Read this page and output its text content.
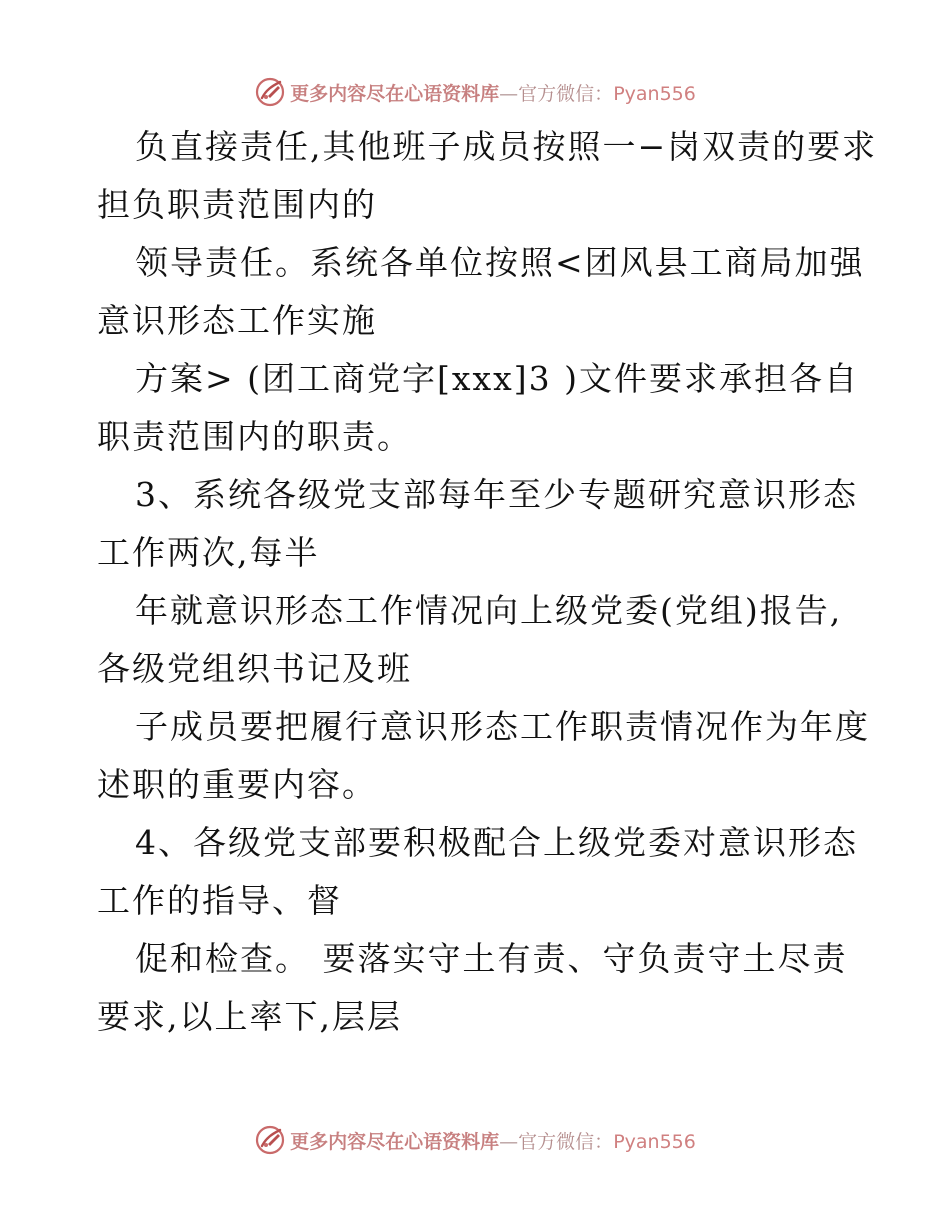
更多内容尽在心语资料库—官方微信：Pyan556
负直接责任,其他班子成员按照一−岗双责的要求
担负职责范围内的
领导责任。系统各单位按照<团风县工商局加强
意识形态工作实施
方案> (团工商党字[xxx]3 )文件要求承担各自
职责范围内的职责。
3、系统各级党支部每年至少专题研究意识形态
工作两次,每半
年就意识形态工作情况向上级党委(党组)报告,
各级党组织书记及班
子成员要把履行意识形态工作职责情况作为年度
述职的重要内容。
4、各级党支部要积极配合上级党委对意识形态
工作的指导、督
促和检查。 要落实守土有责、守负责守土尽责
要求,以上率下,层层
更多内容尽在心语资料库—官方微信：Pyan556
